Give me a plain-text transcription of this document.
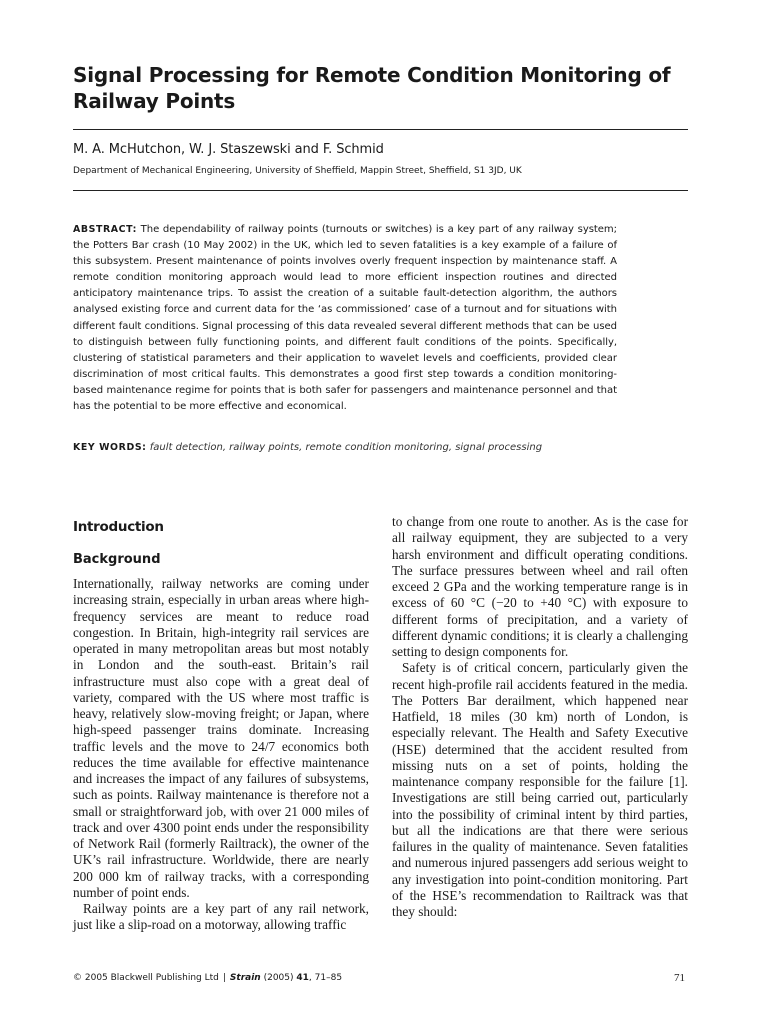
Signal Processing for Remote Condition Monitoring of Railway Points
M. A. McHutchon, W. J. Staszewski and F. Schmid
Department of Mechanical Engineering, University of Sheffield, Mappin Street, Sheffield, S1 3JD, UK

ABSTRACT: The dependability of railway points (turnouts or switches) is a key part of any railway system; the Potters Bar crash (10 May 2002) in the UK, which led to seven fatalities is a key example of a failure of this subsystem. Present maintenance of points involves overly frequent inspection by maintenance staff. A remote condition monitoring approach would lead to more efficient inspection routines and directed anticipatory maintenance trips. To assist the creation of a suitable fault-detection algorithm, the authors analysed existing force and current data for the ‘as commissioned’ case of a turnout and for situations with different fault conditions. Signal processing of this data revealed several different methods that can be used to distinguish between fully functioning points, and different fault conditions of the points. Specifically, clustering of statistical parameters and their application to wavelet levels and coefficients, provided clear discrimination of most critical faults. This demonstrates a good first step towards a condition monitoring-based maintenance regime for points that is both safer for passengers and maintenance personnel and that has the potential to be more effective and economical.

KEY WORDS: fault detection, railway points, remote condition monitoring, signal processing
Introduction
Background

Internationally, railway networks are coming under increasing strain, especially in urban areas where high-frequency services are meant to reduce road congestion. In Britain, high-integrity rail services are operated in many metropolitan areas but most notably in London and the south-east. Britain’s rail infrastructure must also cope with a great deal of variety, compared with the US where most traffic is heavy, relatively slow-moving freight; or Japan, where high-speed passenger trains dominate. Increasing traffic levels and the move to 24/7 economics both reduces the time available for effective maintenance and increases the impact of any failures of subsystems, such as points. Railway maintenance is therefore not a small or straightforward job, with over 21 000 miles of track and over 4300 point ends under the responsibility of Network Rail (formerly Railtrack), the owner of the UK’s rail infrastructure. Worldwide, there are nearly 200 000 km of railway tracks, with a corresponding number of point ends.

Railway points are a key part of any rail network, just like a slip-road on a motorway, allowing traffic

to change from one route to another. As is the case for all railway equipment, they are subjected to a very harsh environment and difficult operating conditions. The surface pressures between wheel and rail often exceed 2 GPa and the working temperature range is in excess of 60 °C (−20 to +40 °C) with exposure to different forms of precipitation, and a variety of different dynamic conditions; it is clearly a challenging setting to design components for.

Safety is of critical concern, particularly given the recent high-profile rail accidents featured in the media. The Potters Bar derailment, which happened near Hatfield, 18 miles (30 km) north of London, is especially relevant. The Health and Safety Executive (HSE) determined that the accident resulted from missing nuts on a set of points, holding the maintenance company responsible for the failure [1]. Investigations are still being carried out, particularly into the possibility of criminal intent by third parties, but all the indications are that there were serious failures in the quality of maintenance. Seven fatalities and numerous injured passengers add serious weight to any investigation into point-condition monitoring. Part of the HSE’s recommendation to Railtrack was that they should:

© 2005 Blackwell Publishing Ltd | Strain (2005) 41, 71–85	71
